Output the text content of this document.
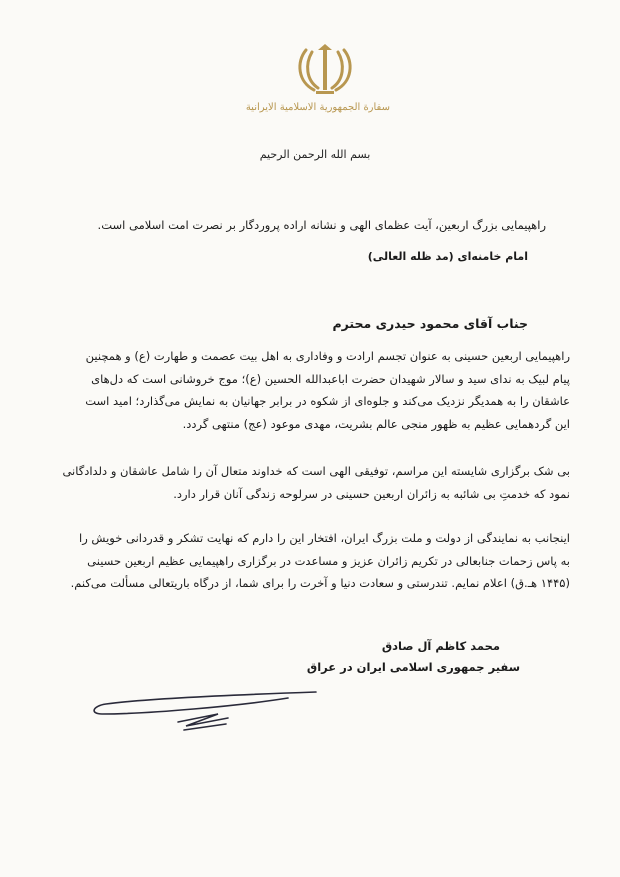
سفارة الجمهورية الاسلامية الايرانية
بسم الله الرحمن الرحیم
راهپیمایی بزرگ اربعین، آیت عظمای الهی و نشانه اراده پروردگار بر نصرت امت اسلامی است.
امام خامنه‌ای (مد ظله العالی)
جناب آقای محمود حیدری محترم
راهپیمایی اربعین حسینی به عنوان تجسم ارادت و وفاداری به اهل بیت عصمت و طهارت (ع) و همچنین
پیام لبیک به ندای سید و سالار شهیدان حضرت اباعبدالله الحسین (ع)؛ موج خروشانی است که دل‌های
عاشقان را به همدیگر نزدیک می‌کند و جلوه‌ای از شکوه در برابر جهانیان به نمایش می‌گذارد؛ امید است
این گردهمایی عظیم به ظهور منجی عالم بشریت، مهدی موعود (عج) منتهی گردد.
بی شک برگزاری شایسته این مراسم، توفیقی الهی است که خداوند متعال آن را شامل عاشقان و دلدادگانی
نمود که خدمتِ بی شائبه به زائران اربعین حسینی در سرلوحه زندگی آنان قرار دارد.
اینجانب به نمایندگی از دولت و ملت بزرگ ایران، افتخار این را دارم که نهایت تشکر و قدردانی خویش را
به پاس زحمات جنابعالی در تکریم زائران عزیز و مساعدت در برگزاری راهپیمایی عظیم اربعین حسینی
(۱۴۴۵ هـ.ق) اعلام نمایم. تندرستی و سعادت دنیا و آخرت را برای شما، از درگاه باریتعالی مسألت می‌کنم.
محمد کاظم آل صادق
سفیر جمهوری اسلامی ایران در عراق
